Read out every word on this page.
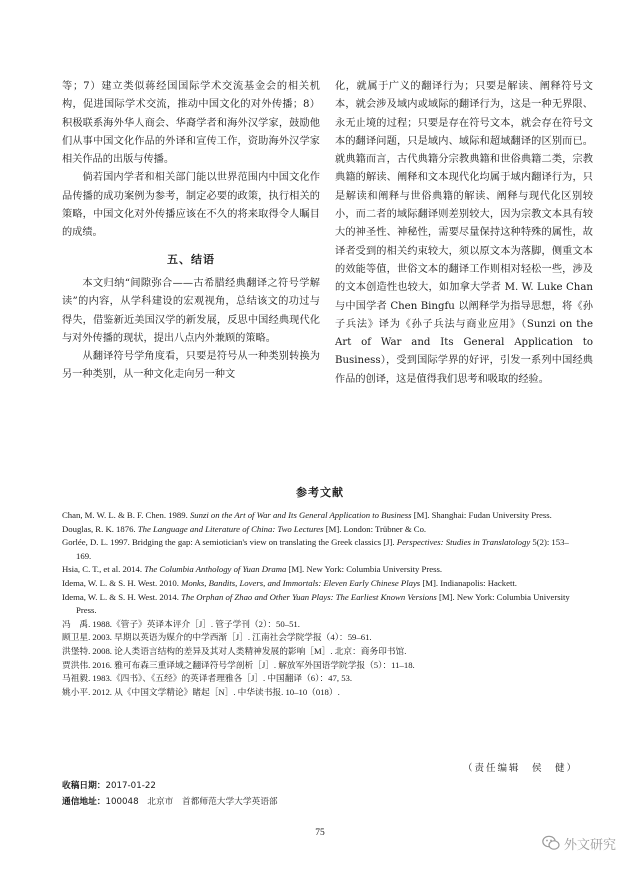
等；7）建立类似蒋经国国际学术交流基金会的相关机构，促进国际学术交流，推动中国文化的对外传播；8）积极联系海外华人商会、华裔学者和海外汉学家，鼓励他们从事中国文化作品的外译和宣传工作，资助海外汉学家相关作品的出版与传播。

倘若国内学者和相关部门能以世界范围内中国文化作品传播的成功案例为参考，制定必要的政策，执行相关的策略，中国文化对外传播应该在不久的将来取得令人瞩目的成绩。

五、结语

本文归纳“间隙弥合——古希腊经典翻译之符号学解读”的内容，从学科建设的宏观视角，总结该文的功过与得失，借鉴新近美国汉学的新发展，反思中国经典现代化与对外传播的现状，提出八点内外兼顾的策略。

从翻译符号学角度看，只要是符号从一种类别转换为另一种类别，从一种文化走向另一种文

化，就属于广义的翻译行为；只要是解读、阐释符号文本，就会涉及域内或域际的翻译行为，这是一种无界限、永无止境的过程；只要是存在符号文本，就会存在符号文本的翻译问题，只是域内、域际和超域翻译的区别而已。就典籍而言，古代典籍分宗教典籍和世俗典籍二类，宗教典籍的解读、阐释和文本现代化均属于域内翻译行为，只是解读和阐释与世俗典籍的解读、阐释与现代化区别较小，而二者的域际翻译则差别较大，因为宗教文本具有较大的神圣性、神秘性，需要尽量保持这种特殊的属性，故译者受到的相关约束较大，须以原文本为落脚，侧重文本的效能等值，世俗文本的翻译工作则相对轻松一些，涉及的文本创造性也较大，如加拿大学者 M. W. Luke Chan 与中国学者 Chen Bingfu 以阐释学为指导思想，将《孙子兵法》译为《孙子兵法与商业应用》（Sunzi on the Art of War and Its General Application to Business），受到国际学界的好评，引发一系列中国经典作品的创译，这是值得我们思考和吸取的经验。

参考文献
Chan, M. W. L. & B. F. Chen. 1989. Sunzi on the Art of War and Its General Application to Business [M]. Shanghai: Fudan University Press.
Douglas, R. K. 1876. The Language and Literature of China: Two Lectures [M]. London: Trübner & Co.
Gorlée, D. L. 1997. Bridging the gap: A semiotician's view on translating the Greek classics [J]. Perspectives: Studies in Translatology 5(2): 153–169.
Hsia, C. T., et al. 2014. The Columbia Anthology of Yuan Drama [M]. New York: Columbia University Press.
Idema, W. L. & S. H. West. 2010. Monks, Bandits, Lovers, and Immortals: Eleven Early Chinese Plays [M]. Indianapolis: Hackett.
Idema, W. L. & S. H. West. 2014. The Orphan of Zhao and Other Yuan Plays: The Earliest Known Versions [M]. New York: Columbia University Press.
冯　禹. 1988.《管子》英译本评介［J］. 管子学刊（2）：50–51.
顾卫星. 2003. 早期以英语为媒介的中学西渐［J］. 江南社会学院学报（4）：59–61.
洪堡特. 2008. 论人类语言结构的差异及其对人类精神发展的影响［M］. 北京：商务印书馆.
贾洪伟. 2016. 雅可布森三重译域之翻译符号学剖析［J］. 解放军外国语学院学报（5）：11–18.
马祖毅. 1983.《四书》、《五经》的英译者理雅各［J］. 中国翻译（6）：47, 53.
姚小平. 2012. 从《中国文学精论》睹起［N］. 中华读书报. 10–10（018）.
（责任编辑　侯　健）
收稿日期：2017-01-22
通信地址：100048　北京市　首都师范大学大学英语部
75
外文研究
